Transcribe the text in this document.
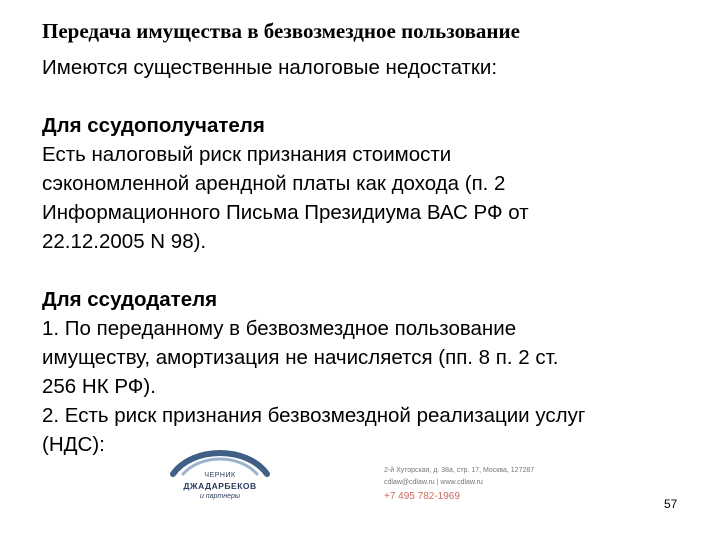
Передача имущества в безвозмездное пользование
Имеются существенные налоговые недостатки:
Для ссудополучателя
Есть налоговый риск признания стоимости
сэкономленной арендной платы как дохода (п. 2
Информационного Письма Президиума ВАС РФ от
22.12.2005 N 98).
Для ссудодателя
1. По переданному в безвозмездное пользование
имуществу, амортизация не начисляется (пп. 8 п. 2 ст.
256 НК РФ).
2. Есть риск признания безвозмездной реализации услуг
(НДС):
ЧЕРНИК
ДЖАДАРБЕКОВ
и партнеры
2-й Хуторская, д. 38а, стр. 17, Москва, 127287
cdlaw@cdlaw.ru | www.cdlaw.ru
+7 495 782-1969
57
